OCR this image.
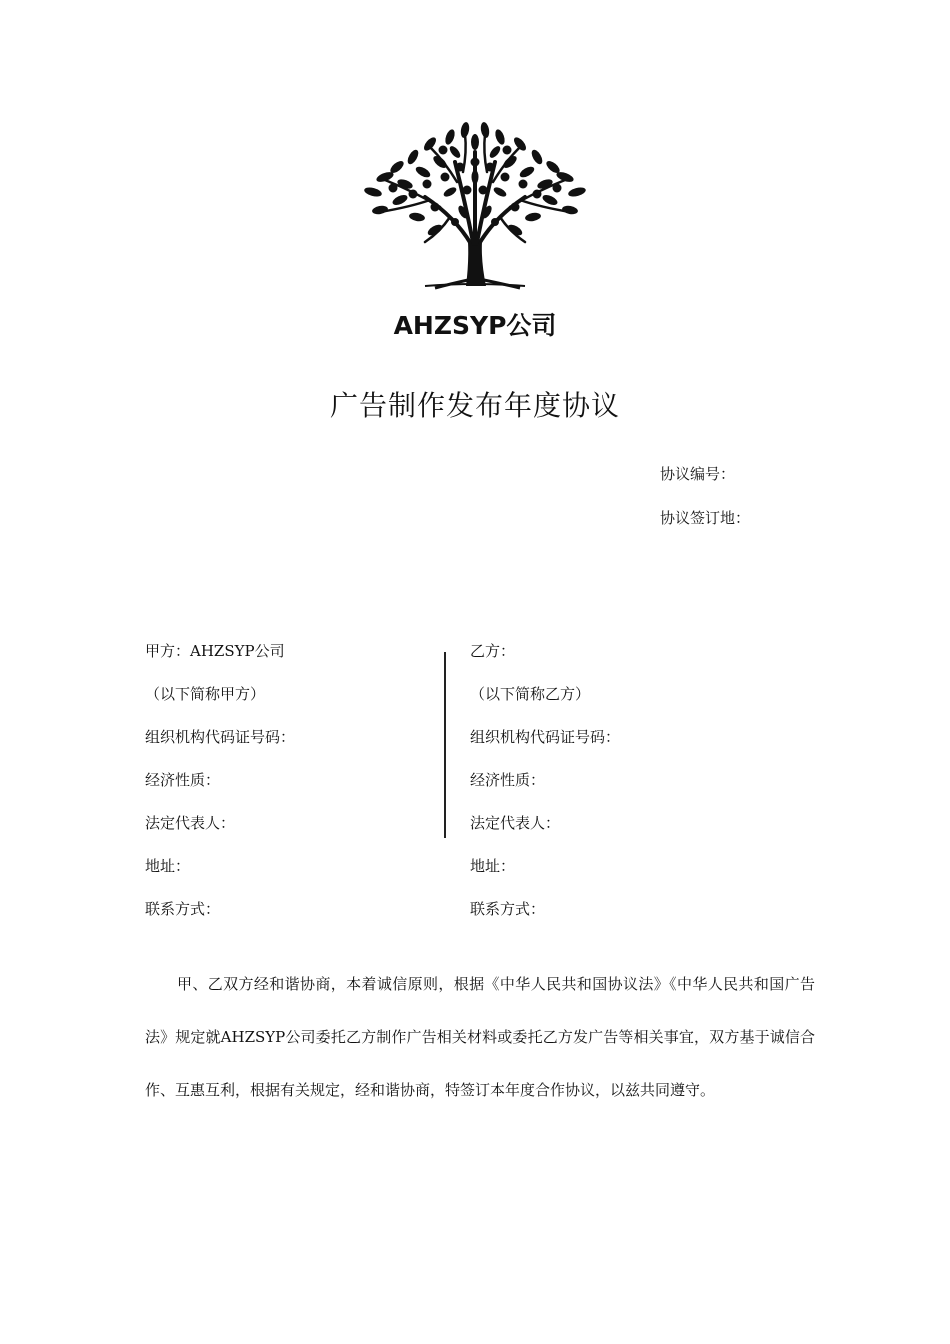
AHZSYP公司
广告制作发布年度协议
协议编号：
协议签订地：
甲方：AHZSYP公司
（以下简称甲方）
组织机构代码证号码：
经济性质：
法定代表人：
地址：
联系方式：
乙方：
（以下简称乙方）
组织机构代码证号码：
经济性质：
法定代表人：
地址：
联系方式：
甲、乙双方经和谐协商，本着诚信原则，根据《中华人民共和国协议法》《中华人民共和国广告法》规定就AHZSYP公司委托乙方制作广告相关材料或委托乙方发广告等相关事宜，双方基于诚信合作、互惠互利，根据有关规定，经和谐协商，特签订本年度合作协议，以兹共同遵守。
